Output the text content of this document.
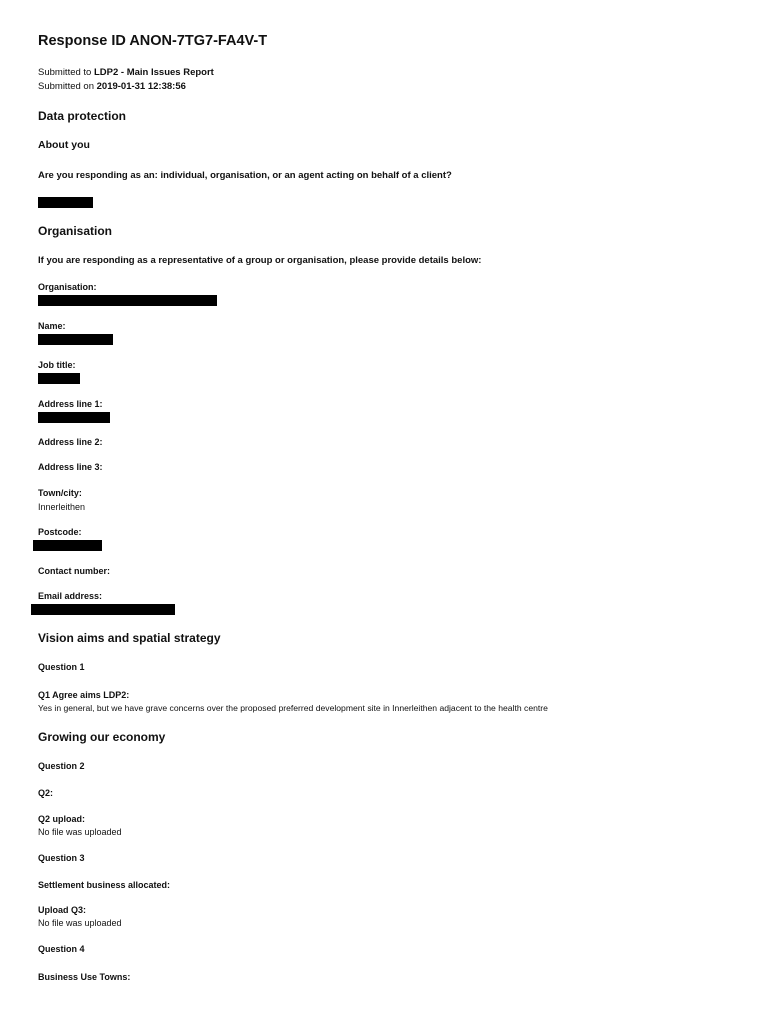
Response ID ANON-7TG7-FA4V-T
Submitted to LDP2 - Main Issues Report
Submitted on 2019-01-31 12:38:56
Data protection
About you
Are you responding as an: individual, organisation, or an agent acting on behalf of a client?
Organisation
If you are responding as a representative of a group or organisation, please provide details below:
Organisation:
Name:
Job title:
Address line 1:
Address line 2:
Address line 3:
Town/city:
Innerleithen
Postcode:
Contact number:
Email address:
Vision aims and spatial strategy
Question 1
Q1 Agree aims LDP2:
Yes in general, but we have grave concerns over the proposed preferred development site in Innerleithen adjacent to the health centre
Growing our economy
Question 2
Q2:
Q2 upload:
No file was uploaded
Question 3
Settlement business allocated:
Upload Q3:
No file was uploaded
Question 4
Business Use Towns:
